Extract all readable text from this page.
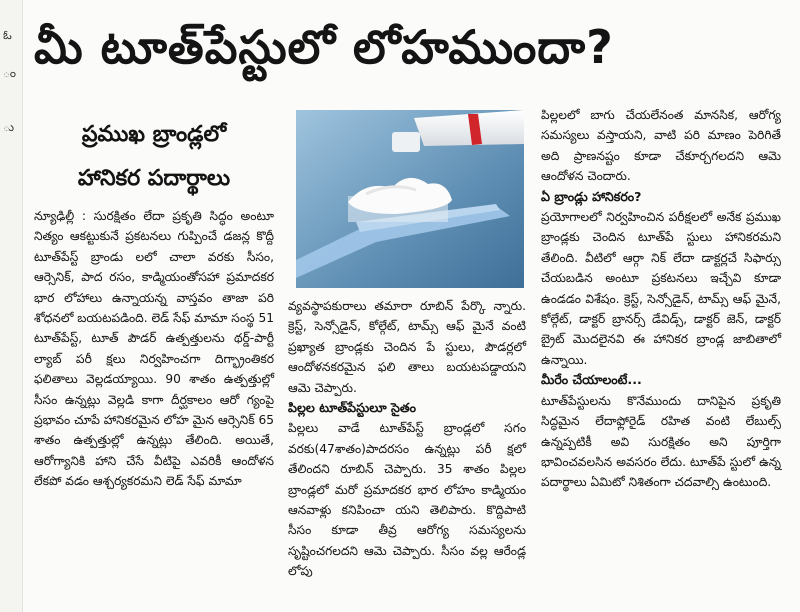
ఓ
ం
ు
మీ టూత్‌పేస్టులో లోహముందా?
ప్రముఖ బ్రాండ్లలో
హానికర పదార్థాలు

న్యూఢిల్లీ : సురక్షితం లేదా ప్రకృతి సిద్ధం అంటూ నిత్యం ఆకట్టుకునే ప్రకటనలు గుప్పించే డజన్ల కొద్దీ టూత్‌పేస్ట్ బ్రాండు లలో చాలా వరకు సీసం, ఆర్సెనిక్, పాద రసం, కాడ్మియంతోసహా ప్రమాదకర భార లోహాలు ఉన్నాయన్న వాస్తవం తాజా పరి శోధనలో బయటపడింది. లెడ్ సేఫ్ మామా సంస్థ 51 టూత్‌పేస్ట్, టూత్ పౌడర్ ఉత్పత్తులను థర్డ్-పార్టీ ల్యాబ్ పరీ క్షలు నిర్వహించగా దిగ్భ్రాంతికర ఫలితాలు వెల్లడయ్యాయి. 90 శాతం ఉత్పత్తుల్లో సీసం ఉన్నట్లు వెల్లడి కాగా దీర్ఘకాలం ఆరో గ్యంపై ప్రభావం చూపే హానికరమైన లోహ మైన ఆర్సెనిక్ 65 శాతం ఉత్పత్తుల్లో ఉన్నట్లు తేలింది. అయితే, ఆరోగ్యానికి హాని చేసే వీటిపై ఎవరికీ ఆందోళన లేకపో వడం ఆశ్చర్యకరమని లెడ్ సేఫ్ మామా

వ్యవస్థాపకురాలు తమారా రూబిన్ పేర్కొ న్నారు. క్రెస్ట్, సెన్సోడైన్, కోల్గేట్, టామ్స్ ఆఫ్ మైనే వంటి ప్రఖ్యాత బ్రాండ్లకు చెందిన పే స్టులు, పౌడర్లలో ఆందోళనకరమైన ఫలి తాలు బయటపడ్డాయని ఆమె చెప్పారు.

పిల్లల టూత్‌పేస్టులూ సైతం

పిల్లలు వాడే టూత్‌పేస్ట్ బ్రాండ్లలో సగం వరకు(47శాతం)పాదరసం ఉన్నట్లు పరీ క్షలో తేలిందని రూబిన్ చెప్పారు. 35 శాతం పిల్లల బ్రాండ్లలో మరో ప్రమాదకర భార లోహం కాడ్మియం ఆనవాళ్లు కనిపించా యని తెలిపారు. కొద్దిపాటి సీసం కూడా తీవ్ర ఆరోగ్య సమస్యలను సృష్టించగలదని ఆమె చెప్పారు. సీసం వల్ల ఆరేండ్ల లోపు

పిల్లలలో బాగు చేయలేనంత మానసిక, ఆరోగ్య సమస్యలు వస్తాయని, వాటి పరి మాణం పెరిగితే అది ప్రాణనష్టం కూడా చేకూర్చగలదని ఆమె ఆందోళన చెందారు.

ఏ బ్రాండ్లు హానికరం?

ప్రయోగాలలో నిర్వహించిన పరీక్షలలో అనేక ప్రముఖ బ్రాండ్లకు చెందిన టూత్‌పే స్టులు హానికరమని తేలింది. వీటిలో ఆర్గా నిక్ లేదా డాక్టర్లచే సిఫార్సు చేయబడిన అంటూ ప్రకటనలు ఇచ్చేవి కూడా ఉండడం విశేషం. క్రెస్ట్, సెన్సోడైన్, టామ్స్ ఆఫ్ మైనే, కోల్గేట్, డాక్టర్ బ్రానర్స్ డేవిడ్స్, డాక్టర్ జెన్, డాక్టర్ బ్రైట్ మొదలైనవి ఈ హానికర బ్రాండ్ల జాబితాలో ఉన్నాయి.

మీరేం చేయాలంటే...

టూత్‌పేస్టులను కొనేముందు దానిపైన ప్రకృతి సిద్ధమైన లేదాఫ్లోరైడ్ రహిత వంటి లేబుల్స్ ఉన్నప్పటికీ అవి సురక్షితం అని పూర్తిగా భావించవలసిన అవసరం లేదు. టూత్‌పే స్టులో ఉన్న పదార్థాలు ఏమిటో నిశితంగా చదవాల్సి ఉంటుంది.
